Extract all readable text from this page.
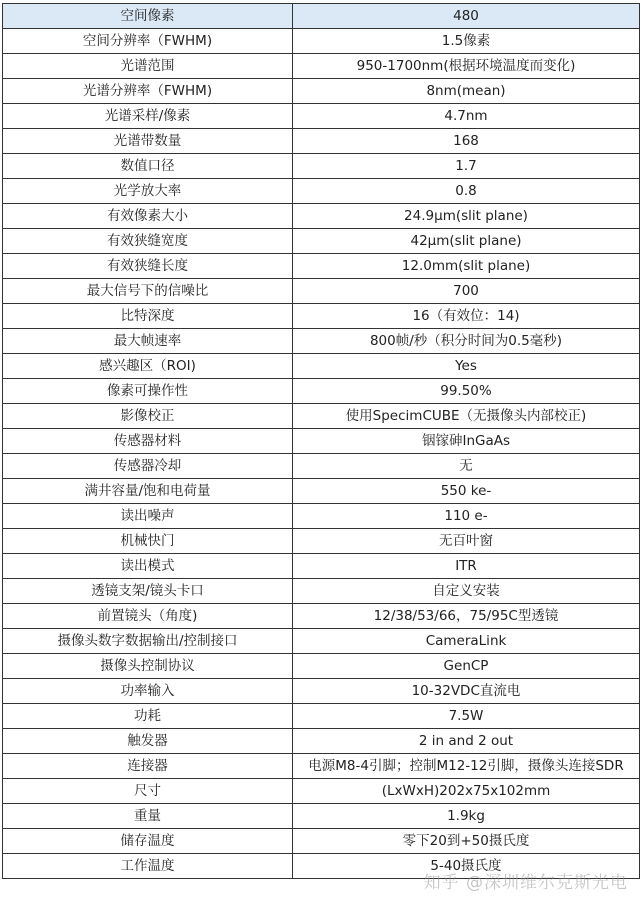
空间像素	480
空间分辨率（FWHM)	1.5像素
光谱范围	950-1700nm(根据环境温度而变化)
光谱分辨率（FWHM)	8nm(mean)
光谱采样/像素	4.7nm
光谱带数量	168
数值口径	1.7
光学放大率	0.8
有效像素大小	24.9μm(slit plane)
有效狭缝宽度	42μm(slit plane)
有效狭缝长度	12.0mm(slit plane)
最大信号下的信噪比	700
比特深度	16（有效位：14)
最大帧速率	800帧/秒（积分时间为0.5毫秒)
感兴趣区（ROI)	Yes
像素可操作性	99.50%
影像校正	使用SpecimCUBE（无摄像头内部校正)
传感器材料	铟镓砷InGaAs
传感器冷却	无
满井容量/饱和电荷量	550 ke-
读出噪声	110 e-
机械快门	无百叶窗
读出模式	ITR
透镜支架/镜头卡口	自定义安装
前置镜头（角度)	12/38/53/66，75/95C型透镜
摄像头数字数据输出/控制接口	CameraLink
摄像头控制协议	GenCP
功率输入	10-32VDC直流电
功耗	7.5W
触发器	2 in and 2 out
连接器	电源M8-4引脚；控制M12-12引脚，摄像头连接SDR
尺寸	(LxWxH)202x75x102mm
重量	1.9kg
储存温度	零下20到+50摄氏度
工作温度	5-40摄氏度
知乎 @深圳维尔克斯光电
